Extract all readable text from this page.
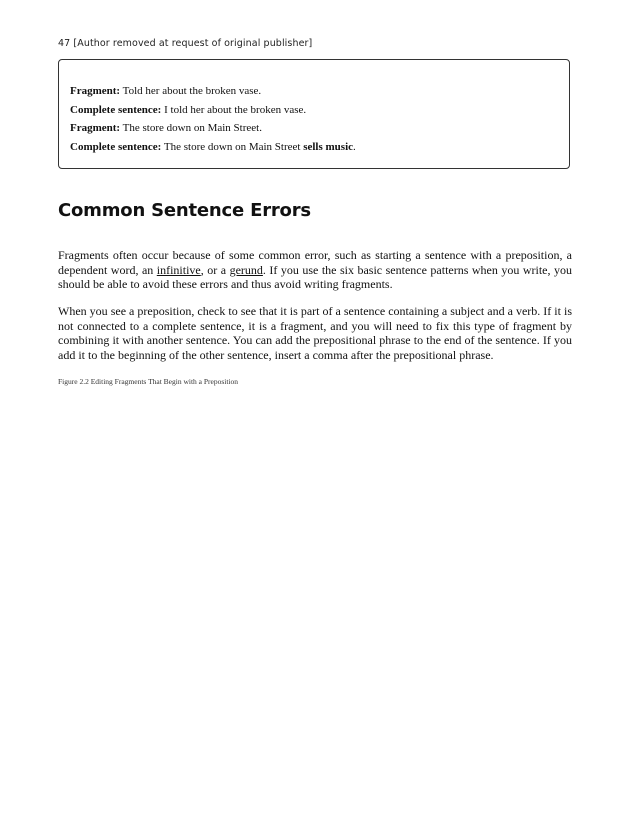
47 [Author removed at request of original publisher]

Fragment: Told her about the broken vase.

Complete sentence: I told her about the broken vase.

Fragment: The store down on Main Street.

Complete sentence: The store down on Main Street sells music.

Common Sentence Errors

Fragments often occur because of some common error, such as starting a sentence with a preposition, a dependent word, an infinitive, or a gerund. If you use the six basic sentence patterns when you write, you should be able to avoid these errors and thus avoid writing fragments.

When you see a preposition, check to see that it is part of a sentence containing a subject and a verb. If it is not connected to a complete sentence, it is a fragment, and you will need to fix this type of fragment by combining it with another sentence. You can add the prepositional phrase to the end of the sentence. If you add it to the beginning of the other sentence, insert a comma after the prepositional phrase.

Figure 2.2 Editing Fragments That Begin with a Preposition
